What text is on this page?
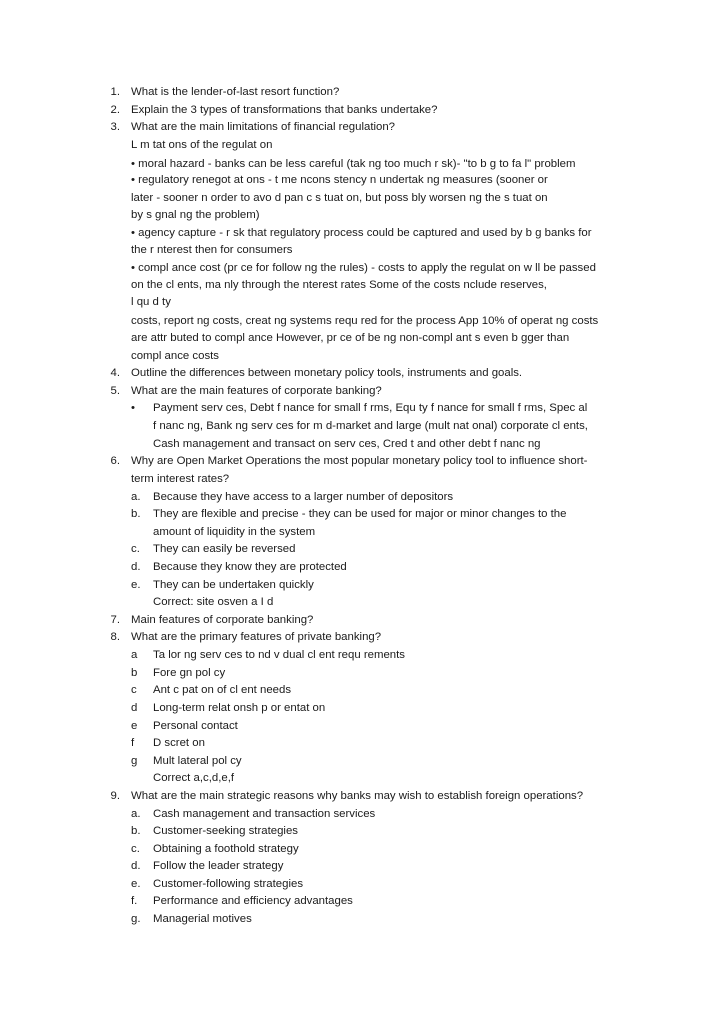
1. What is the lender-of-last resort function?
2. Explain the 3 types of transformations that banks undertake?
3. What are the main limitations of financial regulation?
L m tat ons of the regulat on
• moral hazard - banks can be less careful (tak ng too much r sk)- "to b g to fa l" problem
• regulatory renegot at ons - t me ncons stency n undertak ng measures (sooner or
later - sooner n order to avo d pan c s tuat on, but poss bly worsen ng the s tuat on
by s gnal ng the problem)
• agency capture - r sk that regulatory process could be captured and used by b g banks for
the r nterest then for consumers
• compl ance cost (pr ce for follow ng the rules) - costs to apply the regulat on w ll be passed
on the cl ents, ma nly through the nterest rates Some of the costs nclude reserves,
l qu d ty
costs, report ng costs, creat ng systems requ red for the process App 10% of operat ng costs
are attr buted to compl ance However, pr ce of be ng non-compl ant s even b gger than
compl ance costs
4. Outline the differences between monetary policy tools, instruments and goals.
5. What are the main features of corporate banking?
• Payment serv ces, Debt f nance for small f rms, Equ ty f nance for small f rms, Spec al
f nanc ng, Bank ng serv ces for m d-market and large (mult nat onal) corporate cl ents,
Cash management and transact on serv ces, Cred t and other debt f nanc ng
6. Why are Open Market Operations the most popular monetary policy tool to influence short-
term interest rates?
a. Because they have access to a larger number of depositors
b. They are flexible and precise - they can be used for major or minor changes to the
amount of liquidity in the system
c. They can easily be reversed
d. Because they know they are protected
e. They can be undertaken quickly
Correct: site osven a I d
7. Main features of corporate banking?
8. What are the primary features of private banking?
a Ta lor ng serv ces to nd v dual cl ent requ rements
b Fore gn pol cy
c Ant c pat on of cl ent needs
d Long-term relat onsh p or entat on
e Personal contact
f D scret on
g Mult lateral pol cy
Correct a,c,d,e,f
9. What are the main strategic reasons why banks may wish to establish foreign operations?
a. Cash management and transaction services
b. Customer-seeking strategies
c. Obtaining a foothold strategy
d. Follow the leader strategy
e. Customer-following strategies
f. Performance and efficiency advantages
g. Managerial motives
